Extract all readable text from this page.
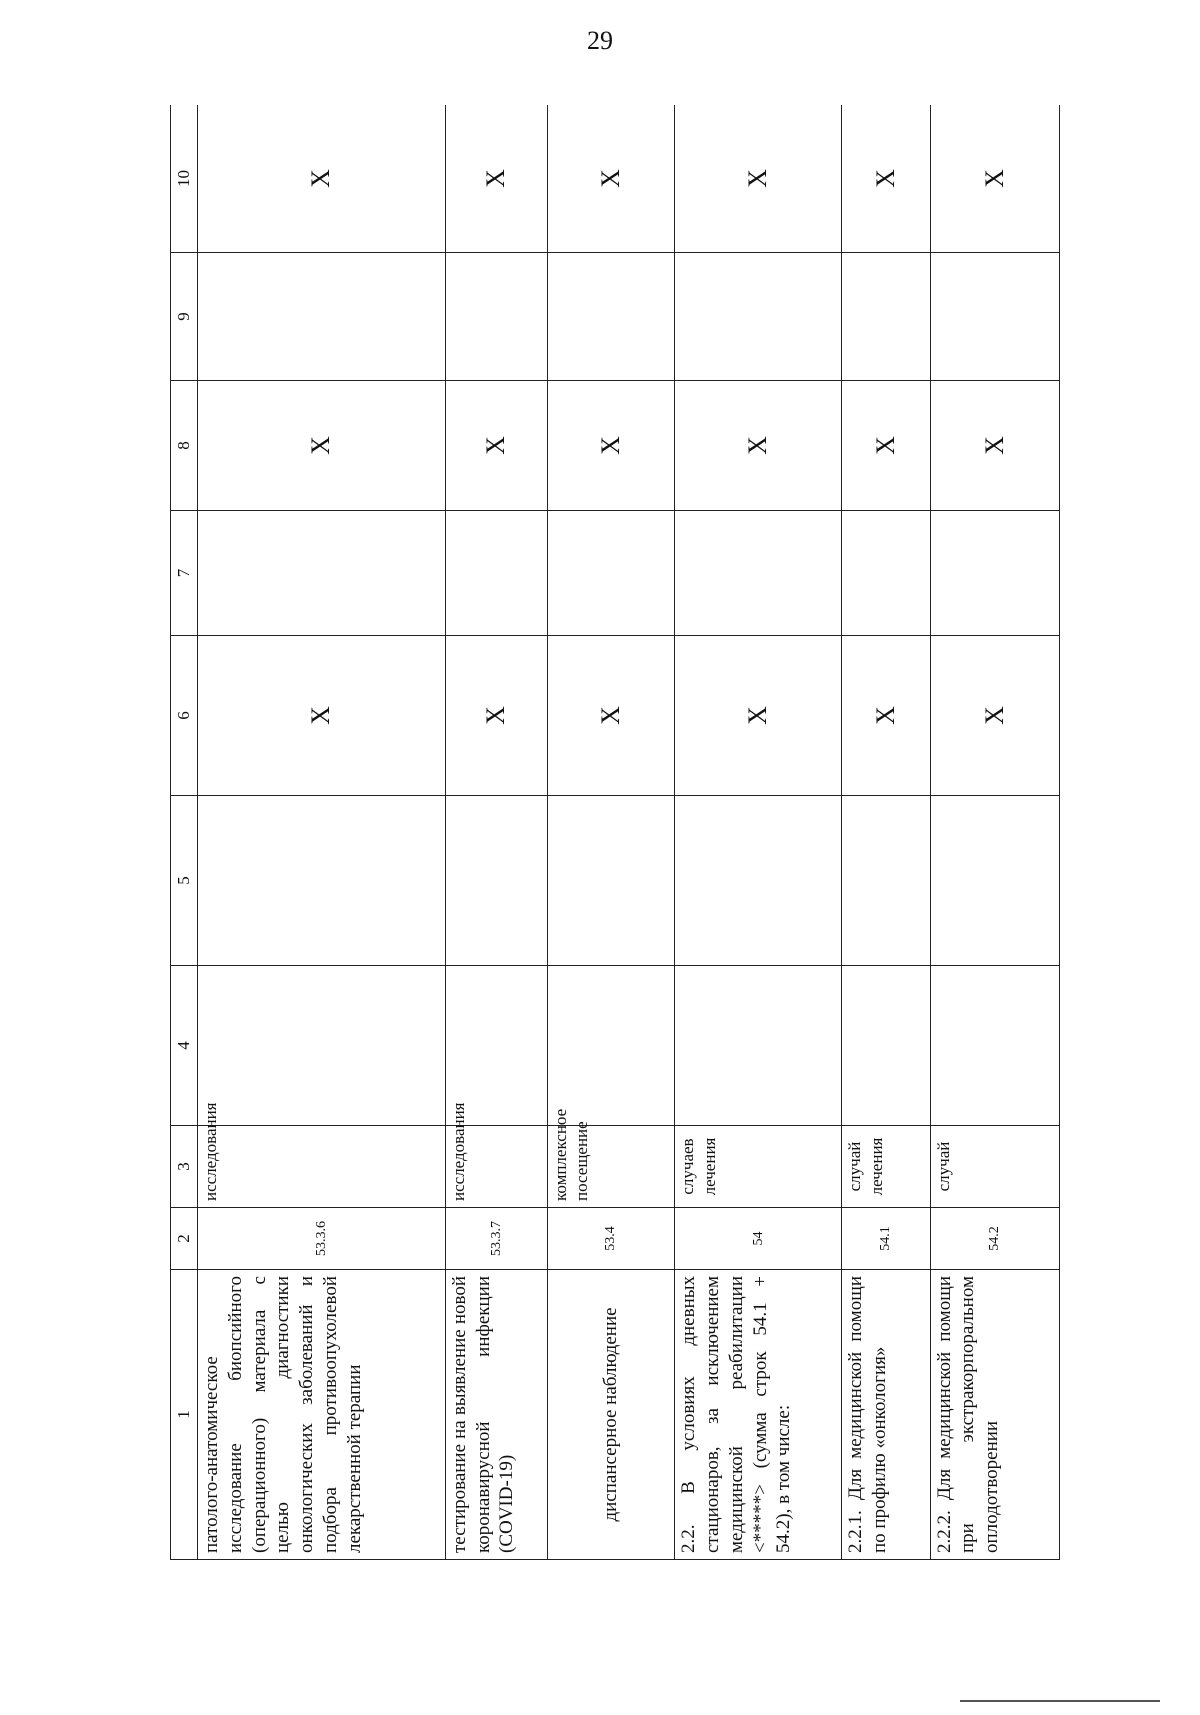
29
1	2	3	4	5	6	7	8	9	10
патолого-анатомическое исследование биопсийного (операционного) материала с целью диагностики онкологических заболеваний и подбора противоопухолевой лекарственной терапии	53.3.6	исследования			X		X		X
тестирование на выявление новой коронавирусной инфекции (COVID-19)	53.3.7	исследования			X		X		X
диспансерное наблюдение	53.4	комплексное посещение			X		X		X
2.2. В условиях дневных стационаров, за исключением медицинской реабилитации <*****> (сумма строк 54.1 + 54.2), в том числе:	54	случаев лечения			X		X		X
2.2.1. Для медицинской помощи по профилю «онкология»	54.1	случай лечения			X		X		X
2.2.2. Для медицинской помощи при экстракорпоральном оплодотворении	54.2	случай			X		X		X
